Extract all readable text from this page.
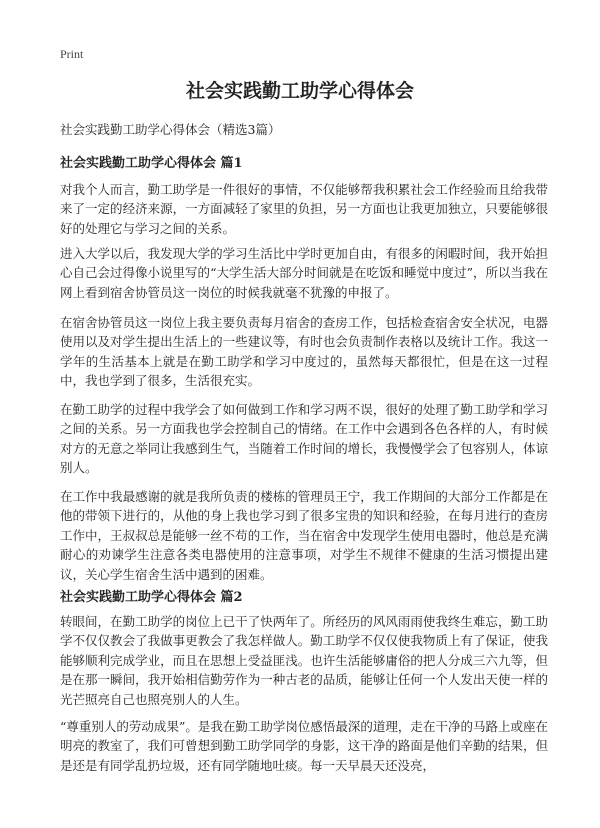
Print
社会实践勤工助学心得体会

社会实践勤工助学心得体会（精选3篇）

社会实践勤工助学心得体会 篇1

对我个人而言，勤工助学是一件很好的事情，不仅能够帮我积累社会工作经验而且给我带来了一定的经济来源，一方面减轻了家里的负担，另一方面也让我更加独立，只要能够很好的处理它与学习之间的关系。

进入大学以后，我发现大学的学习生活比中学时更加自由，有很多的闲暇时间，我开始担心自己会过得像小说里写的“大学生活大部分时间就是在吃饭和睡觉中度过”，所以当我在网上看到宿舍协管员这一岗位的时候我就毫不犹豫的申报了。

在宿舍协管员这一岗位上我主要负责每月宿舍的查房工作，包括检查宿舍安全状况，电器使用以及对学生提出生活上的一些建议等，有时也会负责制作表格以及统计工作。我这一学年的生活基本上就是在勤工助学和学习中度过的，虽然每天都很忙，但是在这一过程中，我也学到了很多，生活很充实。

在勤工助学的过程中我学会了如何做到工作和学习两不误，很好的处理了勤工助学和学习之间的关系。另一方面我也学会控制自己的情绪。在工作中会遇到各色各样的人，有时候对方的无意之举同让我感到生气，当随着工作时间的增长，我慢慢学会了包容别人，体谅别人。

在工作中我最感谢的就是我所负责的楼栋的管理员王宁，我工作期间的大部分工作都是在他的带领下进行的，从他的身上我也学习到了很多宝贵的知识和经验，在每月进行的查房工作中，王叔叔总是能够一丝不苟的工作，当在宿舍中发现学生使用电器时，他总是充满耐心的劝谏学生注意各类电器使用的注意事项，对学生不规律不健康的生活习惯提出建议，关心学生宿舍生活中遇到的困难。

社会实践勤工助学心得体会 篇2

转眼间，在勤工助学的岗位上已干了快两年了。所经历的风风雨雨使我终生难忘，勤工助学不仅仅教会了我做事更教会了我怎样做人。勤工助学不仅仅使我物质上有了保证，使我能够顺利完成学业，而且在思想上受益匪浅。也许生活能够庸俗的把人分成三六九等，但是在那一瞬间，我开始相信勤劳作为一种古老的品质，能够让任何一个人发出天使一样的光芒照亮自己也照亮别人的人生。

“尊重别人的劳动成果”。是我在勤工助学岗位感悟最深的道理，走在干净的马路上或座在明亮的教室了，我们可曾想到勤工助学同学的身影，这干净的路面是他们辛勤的结果，但是还是有同学乱扔垃圾，还有同学随地吐痰。每一天早晨天还没亮，
